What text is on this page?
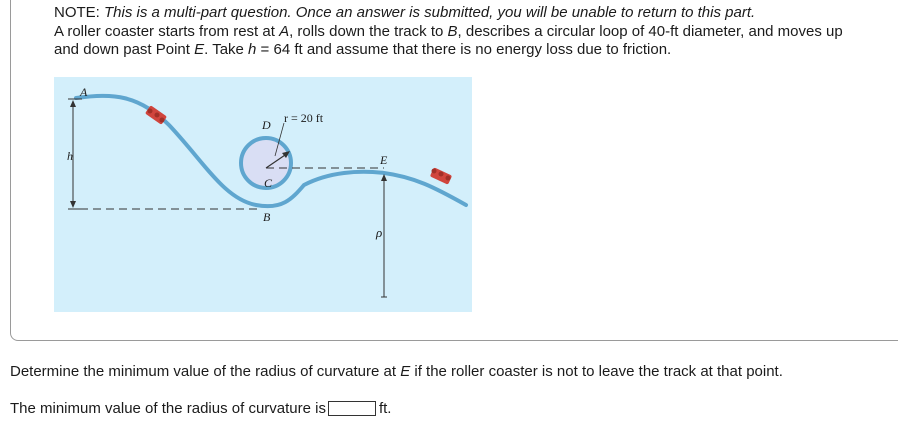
NOTE: This is a multi-part question. Once an answer is submitted, you will be unable to return to this part.
A roller coaster starts from rest at A, rolls down the track to B, describes a circular loop of 40-ft diameter, and moves up
and down past Point E. Take h = 64 ft and assume that there is no energy loss due to friction.
A
h
D r = 20 ft
C
B
E
ρ
Determine the minimum value of the radius of curvature at E if the roller coaster is not to leave the track at that point.
The minimum value of the radius of curvature is	ft.
